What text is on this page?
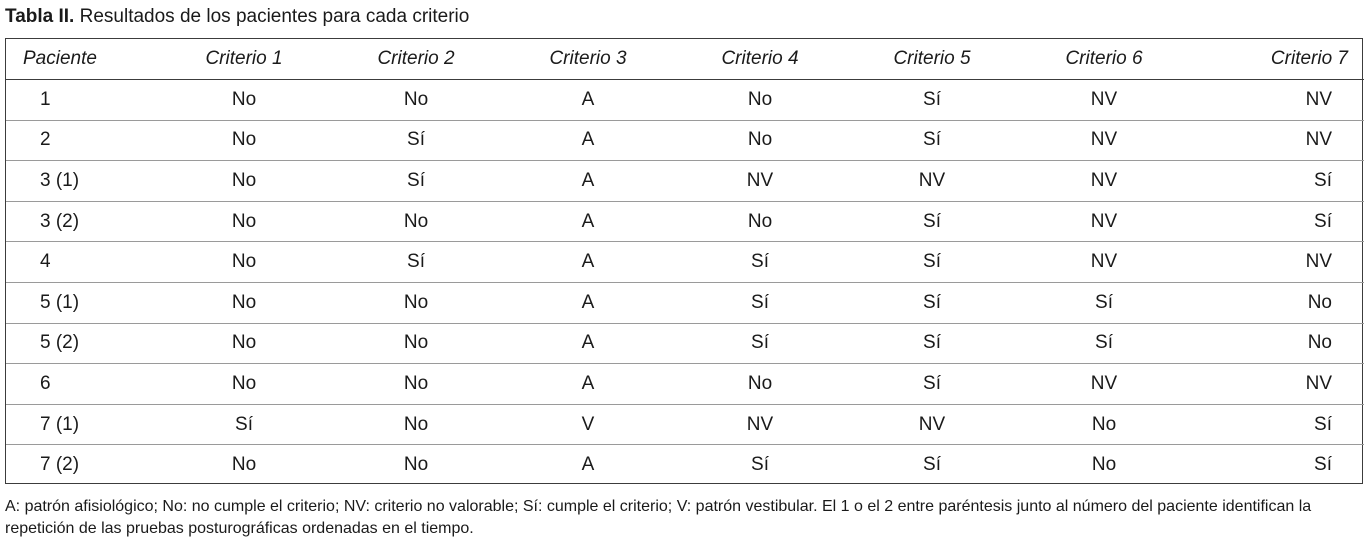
Tabla II. Resultados de los pacientes para cada criterio
Paciente	Criterio 1	Criterio 2	Criterio 3	Criterio 4	Criterio 5	Criterio 6	Criterio 7
1	No	No	A	No	Sí	NV	NV
2	No	Sí	A	No	Sí	NV	NV
3 (1)	No	Sí	A	NV	NV	NV	Sí
3 (2)	No	No	A	No	Sí	NV	Sí
4	No	Sí	A	Sí	Sí	NV	NV
5 (1)	No	No	A	Sí	Sí	Sí	No
5 (2)	No	No	A	Sí	Sí	Sí	No
6	No	No	A	No	Sí	NV	NV
7 (1)	Sí	No	V	NV	NV	No	Sí
7 (2)	No	No	A	Sí	Sí	No	Sí
A: patrón afisiológico; No: no cumple el criterio; NV: criterio no valorable; Sí: cumple el criterio; V: patrón vestibular. El 1 o el 2 entre paréntesis junto al número del paciente identifican la repetición de las pruebas posturográficas ordenadas en el tiempo.
